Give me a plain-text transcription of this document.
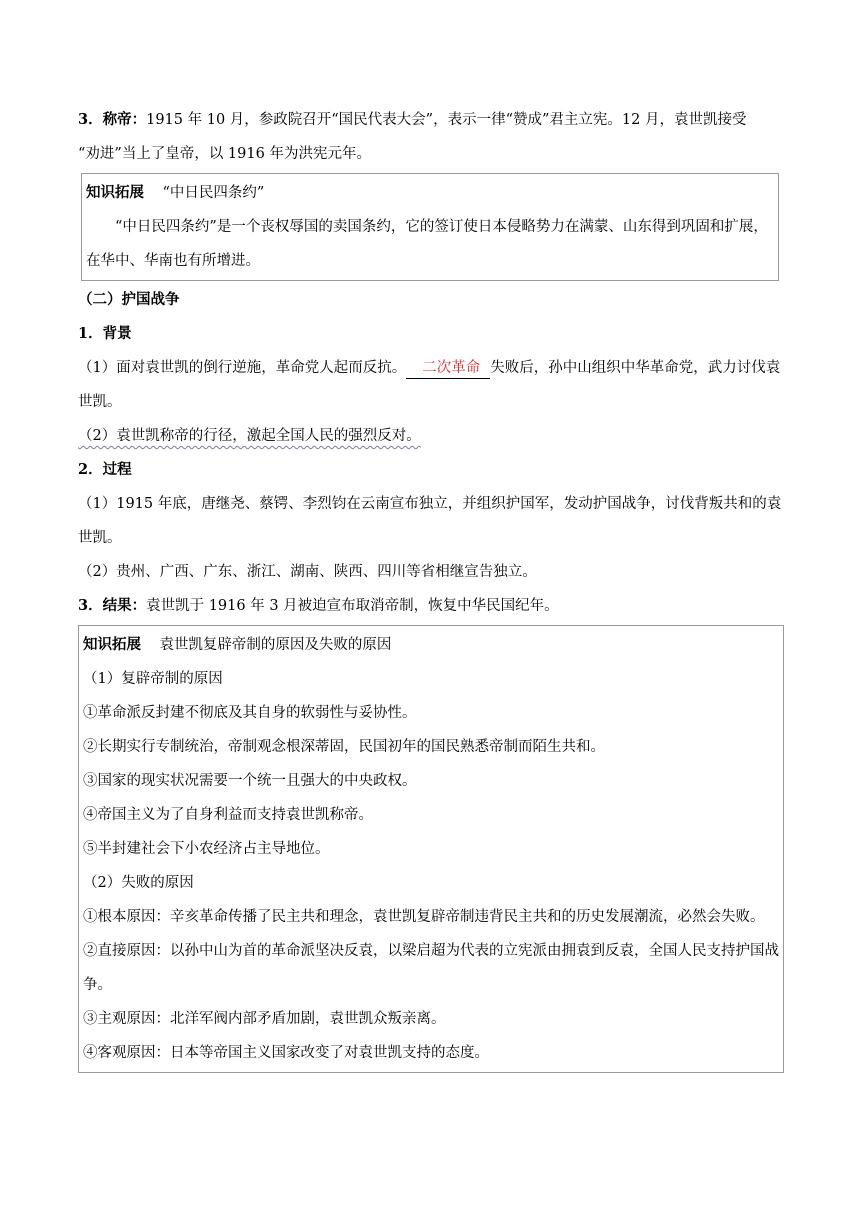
3．称帝：1915 年 10 月，参政院召开“国民代表大会”，表示一律“赞成”君主立宪。12 月，袁世凯接受
“劝进”当上了皇帝，以 1916 年为洪宪元年。
知识拓展 “中日民四条约”
“中日民四条约”是一个丧权辱国的卖国条约，它的签订使日本侵略势力在满蒙、山东得到巩固和扩展，在华中、华南也有所增进。
（二）护国战争
1．背景
（1）面对袁世凯的倒行逆施，革命党人起而反抗。 二次革命 失败后，孙中山组织中华革命党，武力讨伐袁世凯。
（2）袁世凯称帝的行径，激起全国人民的强烈反对。
2．过程
（1）1915 年底，唐继尧、蔡锷、李烈钧在云南宣布独立，并组织护国军，发动护国战争，讨伐背叛共和的袁世凯。
（2）贵州、广西、广东、浙江、湖南、陕西、四川等省相继宣告独立。
3．结果：袁世凯于 1916 年 3 月被迫宣布取消帝制，恢复中华民国纪年。
知识拓展 袁世凯复辟帝制的原因及失败的原因
（1）复辟帝制的原因
①革命派反封建不彻底及其自身的软弱性与妥协性。
②长期实行专制统治，帝制观念根深蒂固，民国初年的国民熟悉帝制而陌生共和。
③国家的现实状况需要一个统一且强大的中央政权。
④帝国主义为了自身利益而支持袁世凯称帝。
⑤半封建社会下小农经济占主导地位。
（2）失败的原因
①根本原因：辛亥革命传播了民主共和理念，袁世凯复辟帝制违背民主共和的历史发展潮流，必然会失败。
②直接原因：以孙中山为首的革命派坚决反袁，以梁启超为代表的立宪派由拥袁到反袁，全国人民支持护国战争。
③主观原因：北洋军阀内部矛盾加剧，袁世凯众叛亲离。
④客观原因：日本等帝国主义国家改变了对袁世凯支持的态度。
